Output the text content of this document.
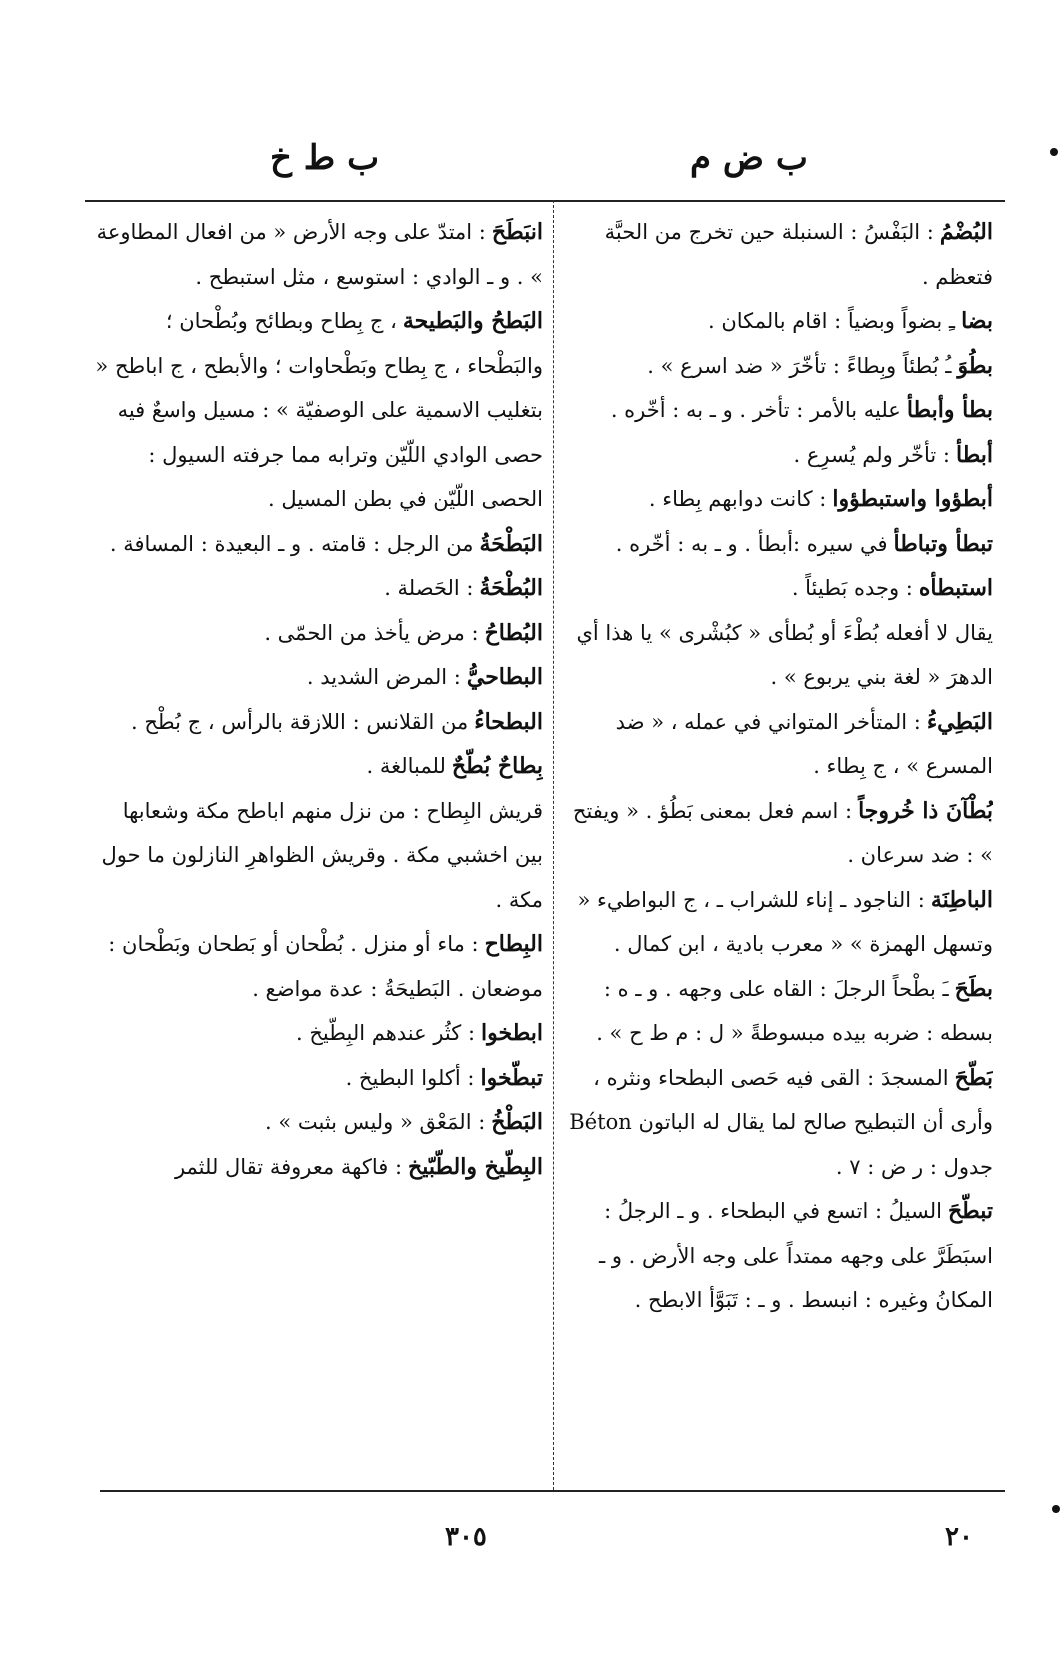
ب ض م
ب ط خ
البُضْمُ: البَفْسُ : السنبلة حين تخرج من الحبَّة فتعظم .
بضاـِ بضواً وبضياً : اقام بالمكان .
بطُوَـُ بُطئاً وبِطاءً : تأخّرَ « ضد اسرع » .
بطأ وأبطأعليه بالأمر : تأخر . و ـ به : أخّره .
أبطأ: تأخّر ولم يُسرِع .
أبطؤوا واستبطؤوا: كانت دوابهم بِطاء .
تبطأ وتباطأفي سيره :أبطأ . و ـ به : أخّره .
استبطأه: وجده بَطيئاً .
يقال لا أفعله بُطْءَ أو بُطأى « كبُشْرى » يا هذا أي الدهرَ « لغة بني يربوع » .
البَطِيءُ: المتأخر المتواني في عمله ، « ضد المسرع » ، ج بِطاء .
بُطْآنَ ذا خُروجاً: اسم فعل بمعنى بَطُؤ . « ويفتح » : ضد سرعان .
الباطِنَة: الناجود ـ إناء للشراب ـ ، ج البواطيء « وتسهل الهمزة » « معرب بادية ، ابن كمال .
بطَحَـَ بطْحاً الرجلَ : القاه على وجهه . و ـ ه : بسطه : ضربه بيده مبسوطةً « ل : م ط ح » .
بَطّحَالمسجدَ : القى فيه حَصى البطحاء ونثره ، وأرى أن التبطيح صالح لما يقال له الباتون Béton جدول : ر ض : ٧ .
تبطّحَالسيلُ : اتسع في البطحاء . و ـ الرجلُ : اسبَطَرَّ على وجهه ممتداً على وجه الأرض . و ـ المكانُ وغيره : انبسط . و ـ : تَبَوَّأ الابطح .
انبَطَحَ: امتدّ على وجه الأرض « من افعال المطاوعة » . و ـ الوادي : استوسع ، مثل استبطح .
البَطحُ والبَطيحة، ج بِطاح وبطائح وبُطْحان ؛ والبَطْحاء ، ج بِطاح وبَطْحاوات ؛ والأبطح ، ج اباطح « بتغليب الاسمية على الوصفيّة » : مسيل واسعٌ فيه حصى الوادي اللّيّن وترابه مما جرفته السيول : الحصى اللّيّن في بطن المسيل .
البَطْحَةُمن الرجل : قامته . و ـ البعيدة : المسافة .
البُطْحَةُ: الحَصلة .
البُطاحُ: مرض يأخذ من الحمّى .
البطاحيُّ: المرض الشديد .
البطحاءُمن القلانس : اللازقة بالرأس ، ج بُطْح .
بِطاحٌ بُطّحٌللمبالغة .
قريش البِطاح : من نزل منهم اباطح مكة وشعابها بين اخشبي مكة . وقريش الظواهرِ النازلون ما حول مكة .
البِطاح: ماء أو منزل . بُطْحان أو بَطحان وبَطْحان : موضعان . البَطيحَةُ : عدة مواضع .
ابطخوا: كثُر عندهم البِطّيخ .
تبطّخوا: أكلوا البطيخ .
البَطْخُ: المَعْق « وليس بثبت » .
البِطّيخ والطّبّيخ: فاكهة معروفة تقال للثمر
٢٠
٣٠٥
